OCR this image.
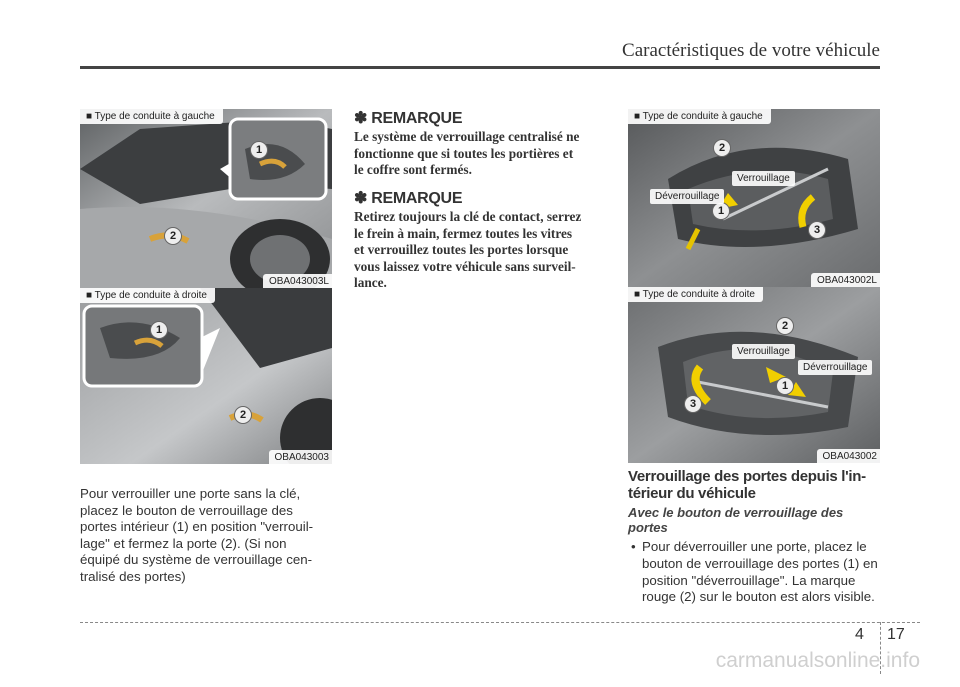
Caractéristiques de votre véhicule
1
2
■ Type de conduite à gauche
OBA043003L
1
2
■ Type de conduite à droite
OBA043003
2
1
3
Verrouillage
Déverrouillage
■ Type de conduite à gauche
OBA043002L
2
1
3
Verrouillage
Déverrouillage
■ Type de conduite à droite
OBA043002
Pour verrouiller une porte sans la clé,
placez le bouton de verrouillage des
portes intérieur (1) en position "verrouil-
lage" et fermez la porte (2). (Si non
équipé du système de verrouillage cen-
tralisé des portes)
✽ REMARQUE
Le système de verrouillage centralisé ne
fonctionne que si toutes les portières et
le coffre sont fermés.
✽ REMARQUE
Retirez toujours la clé de contact, serrez
le frein à main, fermez toutes les vitres
et verrouillez toutes les portes lorsque
vous laissez votre véhicule sans surveil-
lance.
Verrouillage des portes depuis l'in-
térieur du véhicule
Avec le bouton de verrouillage des
portes
• Pour déverrouiller une porte, placez le
bouton de verrouillage des portes (1) en
position "déverrouillage". La marque
rouge (2) sur le bouton est alors visible.
4 17
carmanualsonline.info
